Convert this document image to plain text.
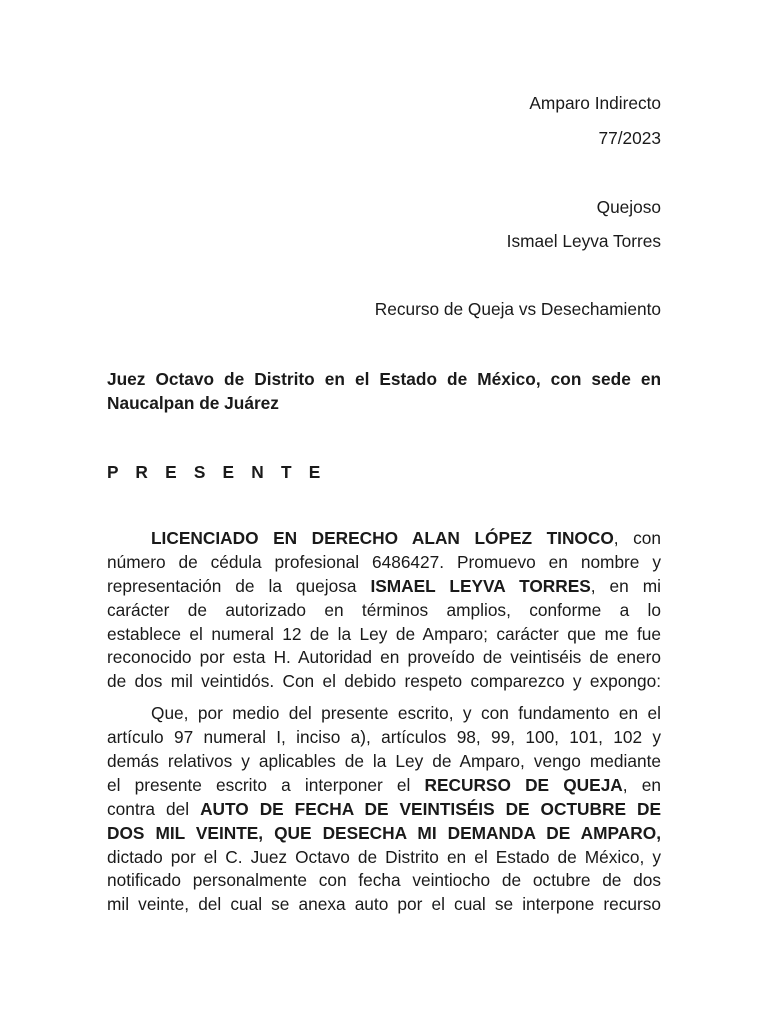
Amparo Indirecto
77/2023
Quejoso
Ismael Leyva Torres
Recurso de Queja vs Desechamiento
Juez Octavo de Distrito en el Estado de México, con sede en
Naucalpan de Juárez
P R E S E N T E
LICENCIADO EN DERECHO ALAN LÓPEZ TINOCO, con
número de cédula profesional 6486427. Promuevo en nombre y
representación de la quejosa ISMAEL LEYVA TORRES, en mi
carácter de autorizado en términos amplios, conforme a lo
establece el numeral 12 de la Ley de Amparo; carácter que me fue
reconocido por esta H. Autoridad en proveído de veintiséis de enero
de dos mil veintidós. Con el debido respeto comparezco y expongo:
Que, por medio del presente escrito, y con fundamento en el
artículo 97 numeral I, inciso a), artículos 98, 99, 100, 101, 102 y
demás relativos y aplicables de la Ley de Amparo, vengo mediante
el presente escrito a interponer el RECURSO DE QUEJA, en
contra del AUTO DE FECHA DE VEINTISÉIS DE OCTUBRE DE
DOS MIL VEINTE, QUE DESECHA MI DEMANDA DE AMPARO,
dictado por el C. Juez Octavo de Distrito en el Estado de México, y
notificado personalmente con fecha veintiocho de octubre de dos
mil veinte, del cual se anexa auto por el cual se interpone recurso
